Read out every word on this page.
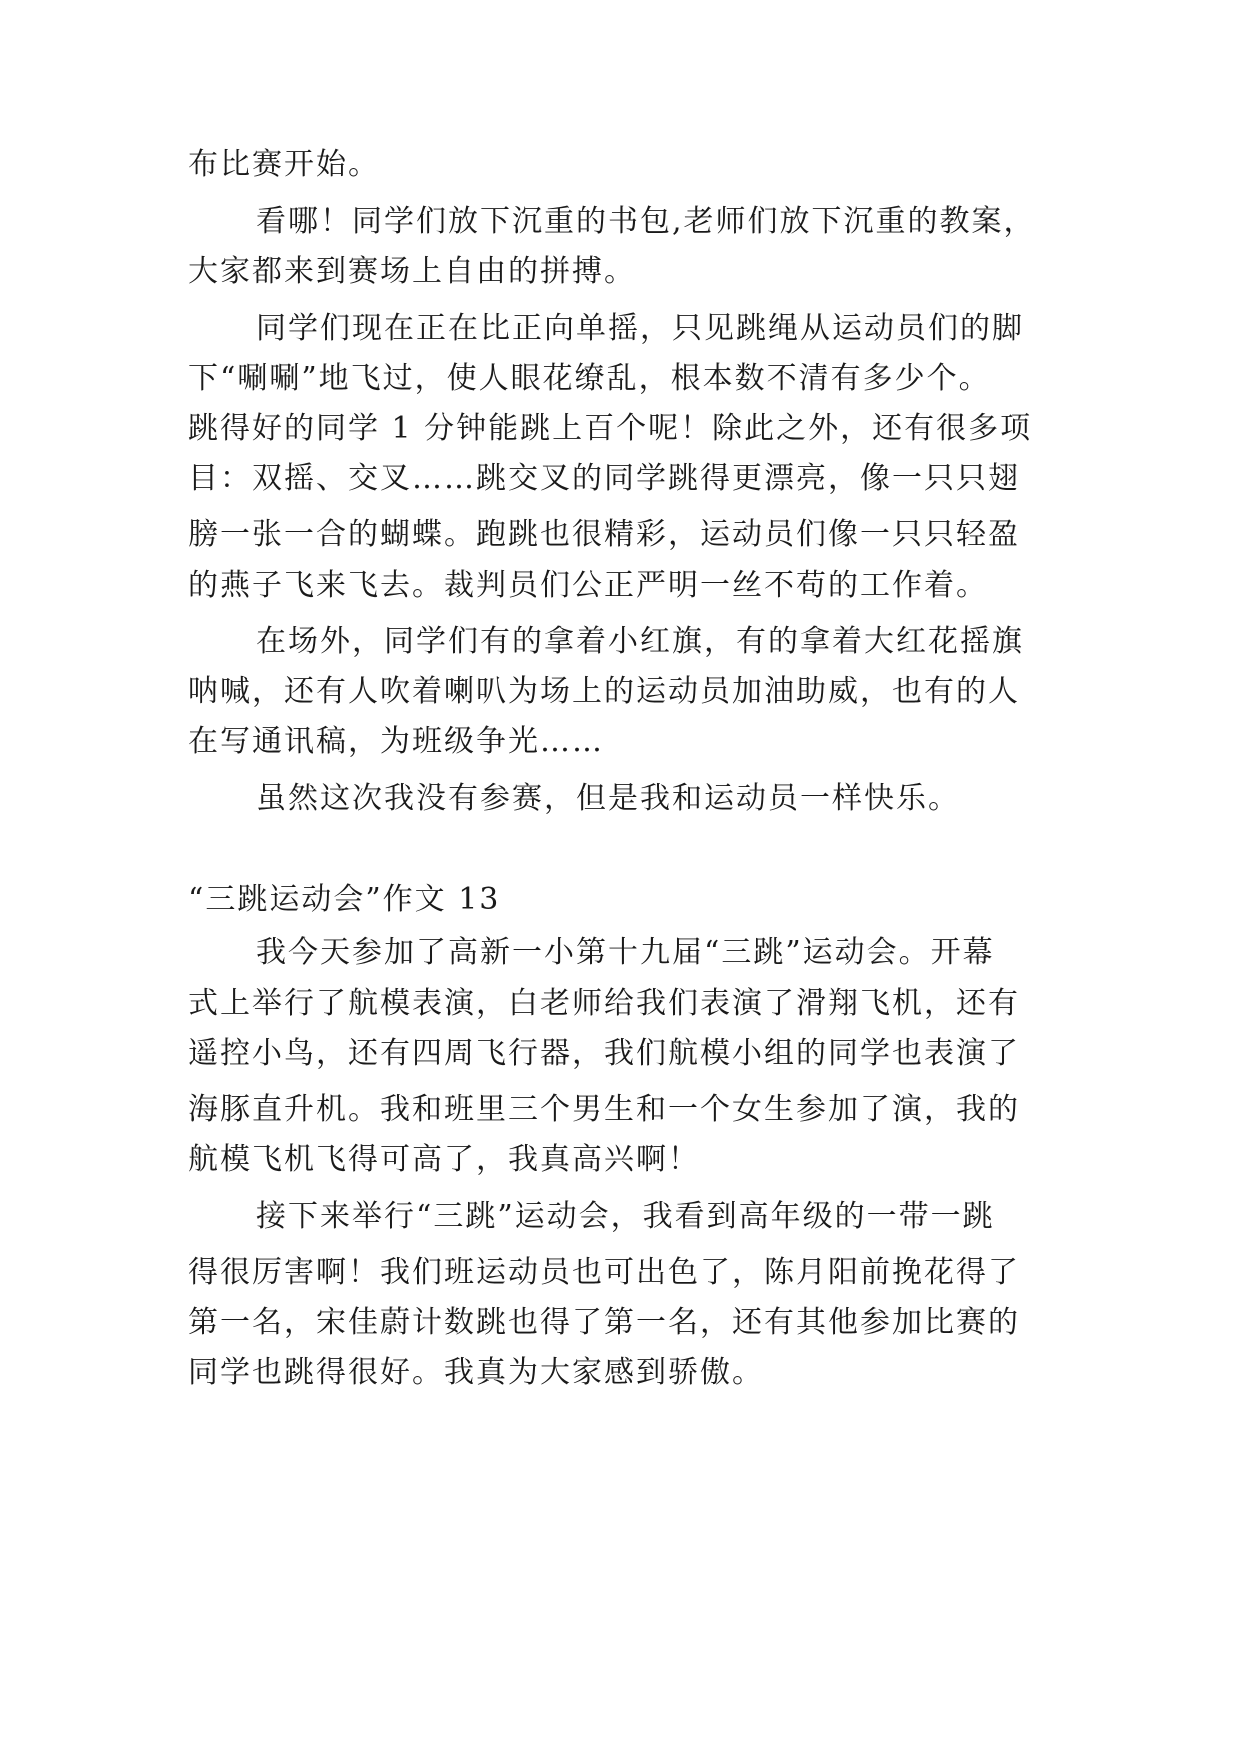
布比赛开始。
看哪！同学们放下沉重的书包,老师们放下沉重的教案，
大家都来到赛场上自由的拼搏。
同学们现在正在比正向单摇，只见跳绳从运动员们的脚
下“唰唰”地飞过，使人眼花缭乱，根本数不清有多少个。
跳得好的同学 1 分钟能跳上百个呢！除此之外，还有很多项
目：双摇、交叉……跳交叉的同学跳得更漂亮，像一只只翅
膀一张一合的蝴蝶。跑跳也很精彩，运动员们像一只只轻盈
的燕子飞来飞去。裁判员们公正严明一丝不苟的工作着。
在场外，同学们有的拿着小红旗，有的拿着大红花摇旗
呐喊，还有人吹着喇叭为场上的运动员加油助威，也有的人
在写通讯稿，为班级争光……
虽然这次我没有参赛，但是我和运动员一样快乐。
“三跳运动会”作文 13
我今天参加了高新一小第十九届“三跳”运动会。开幕
式上举行了航模表演，白老师给我们表演了滑翔飞机，还有
遥控小鸟，还有四周飞行器，我们航模小组的同学也表演了
海豚直升机。我和班里三个男生和一个女生参加了演，我的
航模飞机飞得可高了，我真高兴啊！
接下来举行“三跳”运动会，我看到高年级的一带一跳
得很厉害啊！我们班运动员也可出色了，陈月阳前挽花得了
第一名，宋佳蔚计数跳也得了第一名，还有其他参加比赛的
同学也跳得很好。我真为大家感到骄傲。
